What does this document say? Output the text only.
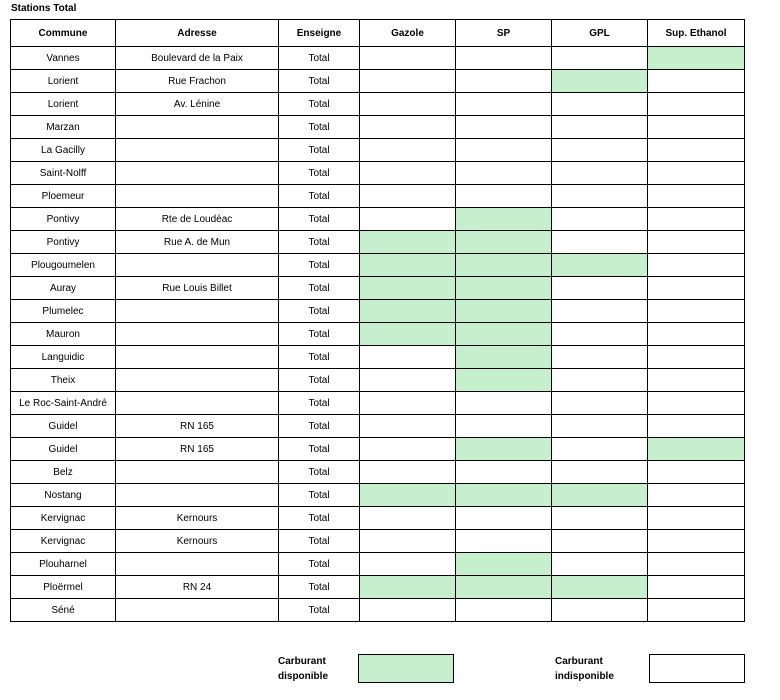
Stations Total
Commune	Adresse	Enseigne	Gazole	SP	GPL	Sup. Ethanol
Vannes	Boulevard de la Paix	Total				
Lorient	Rue Frachon	Total				
Lorient	Av. Lénine	Total				
Marzan		Total				
La Gacilly		Total				
Saint-Nolff		Total				
Ploemeur		Total				
Pontivy	Rte de Loudéac	Total				
Pontivy	Rue A. de Mun	Total				
Plougoumelen		Total				
Auray	Rue Louis Billet	Total				
Plumelec		Total				
Mauron		Total				
Languidic		Total				
Theix		Total				
Le Roc-Saint-André		Total				
Guidel	RN 165	Total				
Guidel	RN 165	Total				
Belz		Total				
Nostang		Total				
Kervignac	Kernours	Total				
Kervignac	Kernours	Total				
Plouharnel		Total				
Ploërmel	RN 24	Total				
Séné		Total				
Carburant
disponible
Carburant
indisponible
